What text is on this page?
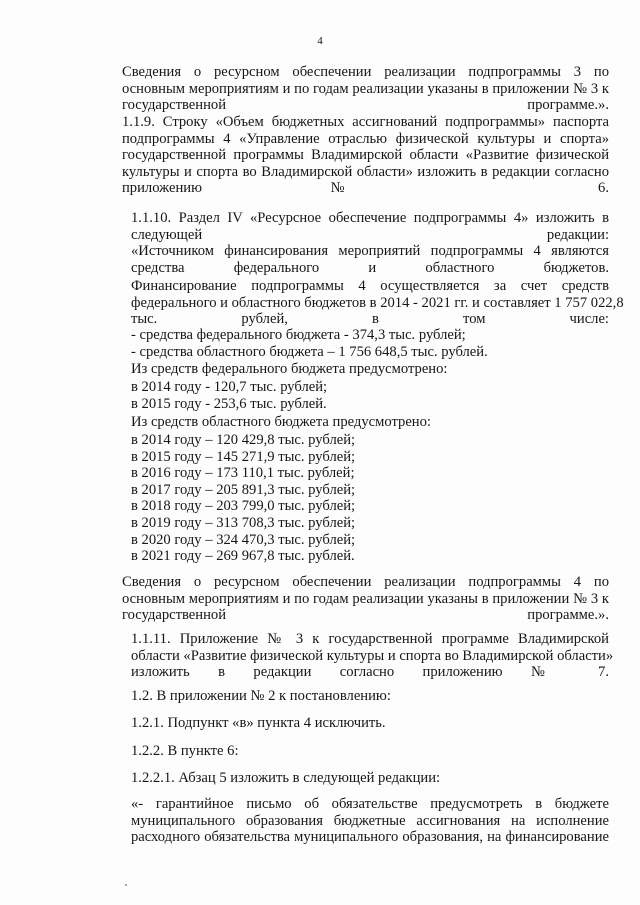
4
Сведения о ресурсном обеспечении реализации подпрограммы 3 по
основным мероприятиям и по годам реализации указаны в приложении № 3 к
государственной программе.».
1.1.9. Строку «Объем бюджетных ассигнований подпрограммы» паспорта
подпрограммы 4 «Управление отраслью физической культуры и спорта»
государственной программы Владимирской области «Развитие физической
культуры и спорта во Владимирской области» изложить в редакции согласно
приложению № 6.
1.1.10. Раздел IV «Ресурсное обеспечение подпрограммы 4» изложить в
следующей редакции:
«Источником финансирования мероприятий подпрограммы 4 являются
средства федерального и областного бюджетов.
Финансирование подпрограммы 4 осуществляется за счет средств
федерального и областного бюджетов в 2014 - 2021 гг. и составляет 1 757 022,8
тыс. рублей, в том числе:
- средства федерального бюджета - 374,3 тыс. рублей;
- средства областного бюджета – 1 756 648,5 тыс. рублей.
Из средств федерального бюджета предусмотрено:
в 2014 году - 120,7 тыс. рублей;
в 2015 году - 253,6 тыс. рублей.
Из средств областного бюджета предусмотрено:
в 2014 году – 120 429,8 тыс. рублей;
в 2015 году – 145 271,9 тыс. рублей;
в 2016 году – 173 110,1 тыс. рублей;
в 2017 году – 205 891,3 тыс. рублей;
в 2018 году – 203 799,0 тыс. рублей;
в 2019 году – 313 708,3 тыс. рублей;
в 2020 году – 324 470,3 тыс. рублей;
в 2021 году – 269 967,8 тыс. рублей.
Сведения о ресурсном обеспечении реализации подпрограммы 4 по
основным мероприятиям и по годам реализации указаны в приложении № 3 к
государственной программе.».
1.1.11. Приложение № 3 к государственной программе Владимирской
области «Развитие физической культуры и спорта во Владимирской области»
изложить в редакции согласно приложению № 7.
1.2. В приложении № 2 к постановлению:
1.2.1. Подпункт «в» пункта 4 исключить.
1.2.2. В пункте 6:
1.2.2.1. Абзац 5 изложить в следующей редакции:
«- гарантийное письмо об обязательстве предусмотреть в бюджете
муниципального образования бюджетные ассигнования на исполнение
расходного обязательства муниципального образования, на финансирование
